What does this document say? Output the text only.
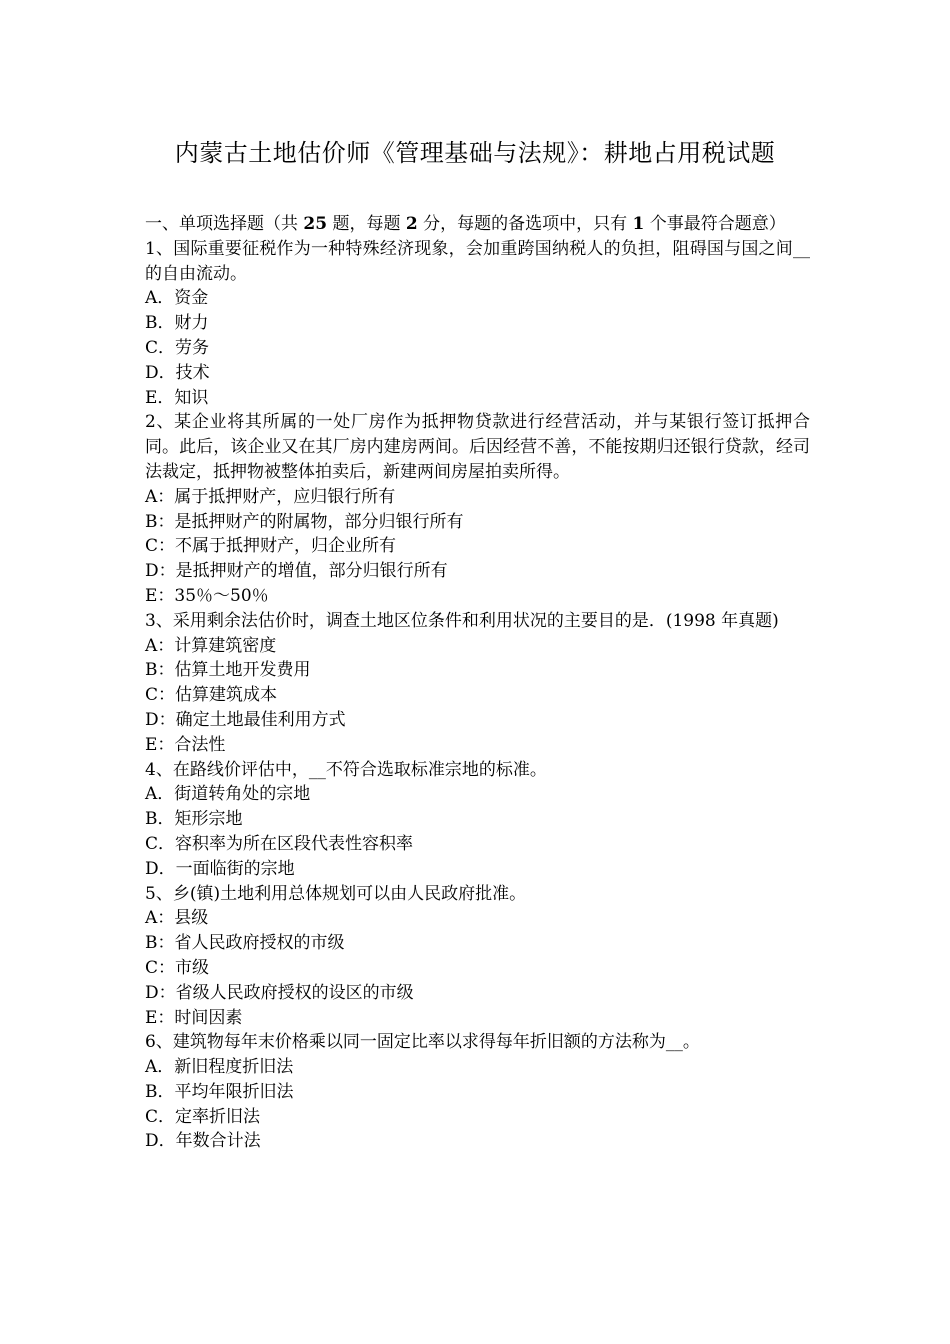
内蒙古土地估价师《管理基础与法规》：耕地占用税试题

一、单项选择题（共 25 题，每题 2 分，每题的备选项中，只有 1 个事最符合题意）

1、国际重要征税作为一种特殊经济现象，会加重跨国纳税人的负担，阻碍国与国之间__的自由流动。

A．资金

B．财力

C．劳务

D．技术

E．知识

2、某企业将其所属的一处厂房作为抵押物贷款进行经营活动，并与某银行签订抵押合同。此后，该企业又在其厂房内建房两间。后因经营不善，不能按期归还银行贷款，经司法裁定，抵押物被整体拍卖后，新建两间房屋拍卖所得。

A：属于抵押财产，应归银行所有

B：是抵押财产的附属物，部分归银行所有

C：不属于抵押财产，归企业所有

D：是抵押财产的增值，部分归银行所有

E：35％～50％

3、采用剩余法估价时，调查土地区位条件和利用状况的主要目的是．(1998 年真题)

A：计算建筑密度

B：估算土地开发费用

C：估算建筑成本

D：确定土地最佳利用方式

E：合法性

4、在路线价评估中，__不符合选取标准宗地的标准。

A．街道转角处的宗地

B．矩形宗地

C．容积率为所在区段代表性容积率

D．一面临街的宗地

5、乡(镇)土地利用总体规划可以由人民政府批准。

A：县级

B：省人民政府授权的市级

C：市级

D：省级人民政府授权的设区的市级

E：时间因素

6、建筑物每年末价格乘以同一固定比率以求得每年折旧额的方法称为__。

A．新旧程度折旧法

B．平均年限折旧法

C．定率折旧法

D．年数合计法
